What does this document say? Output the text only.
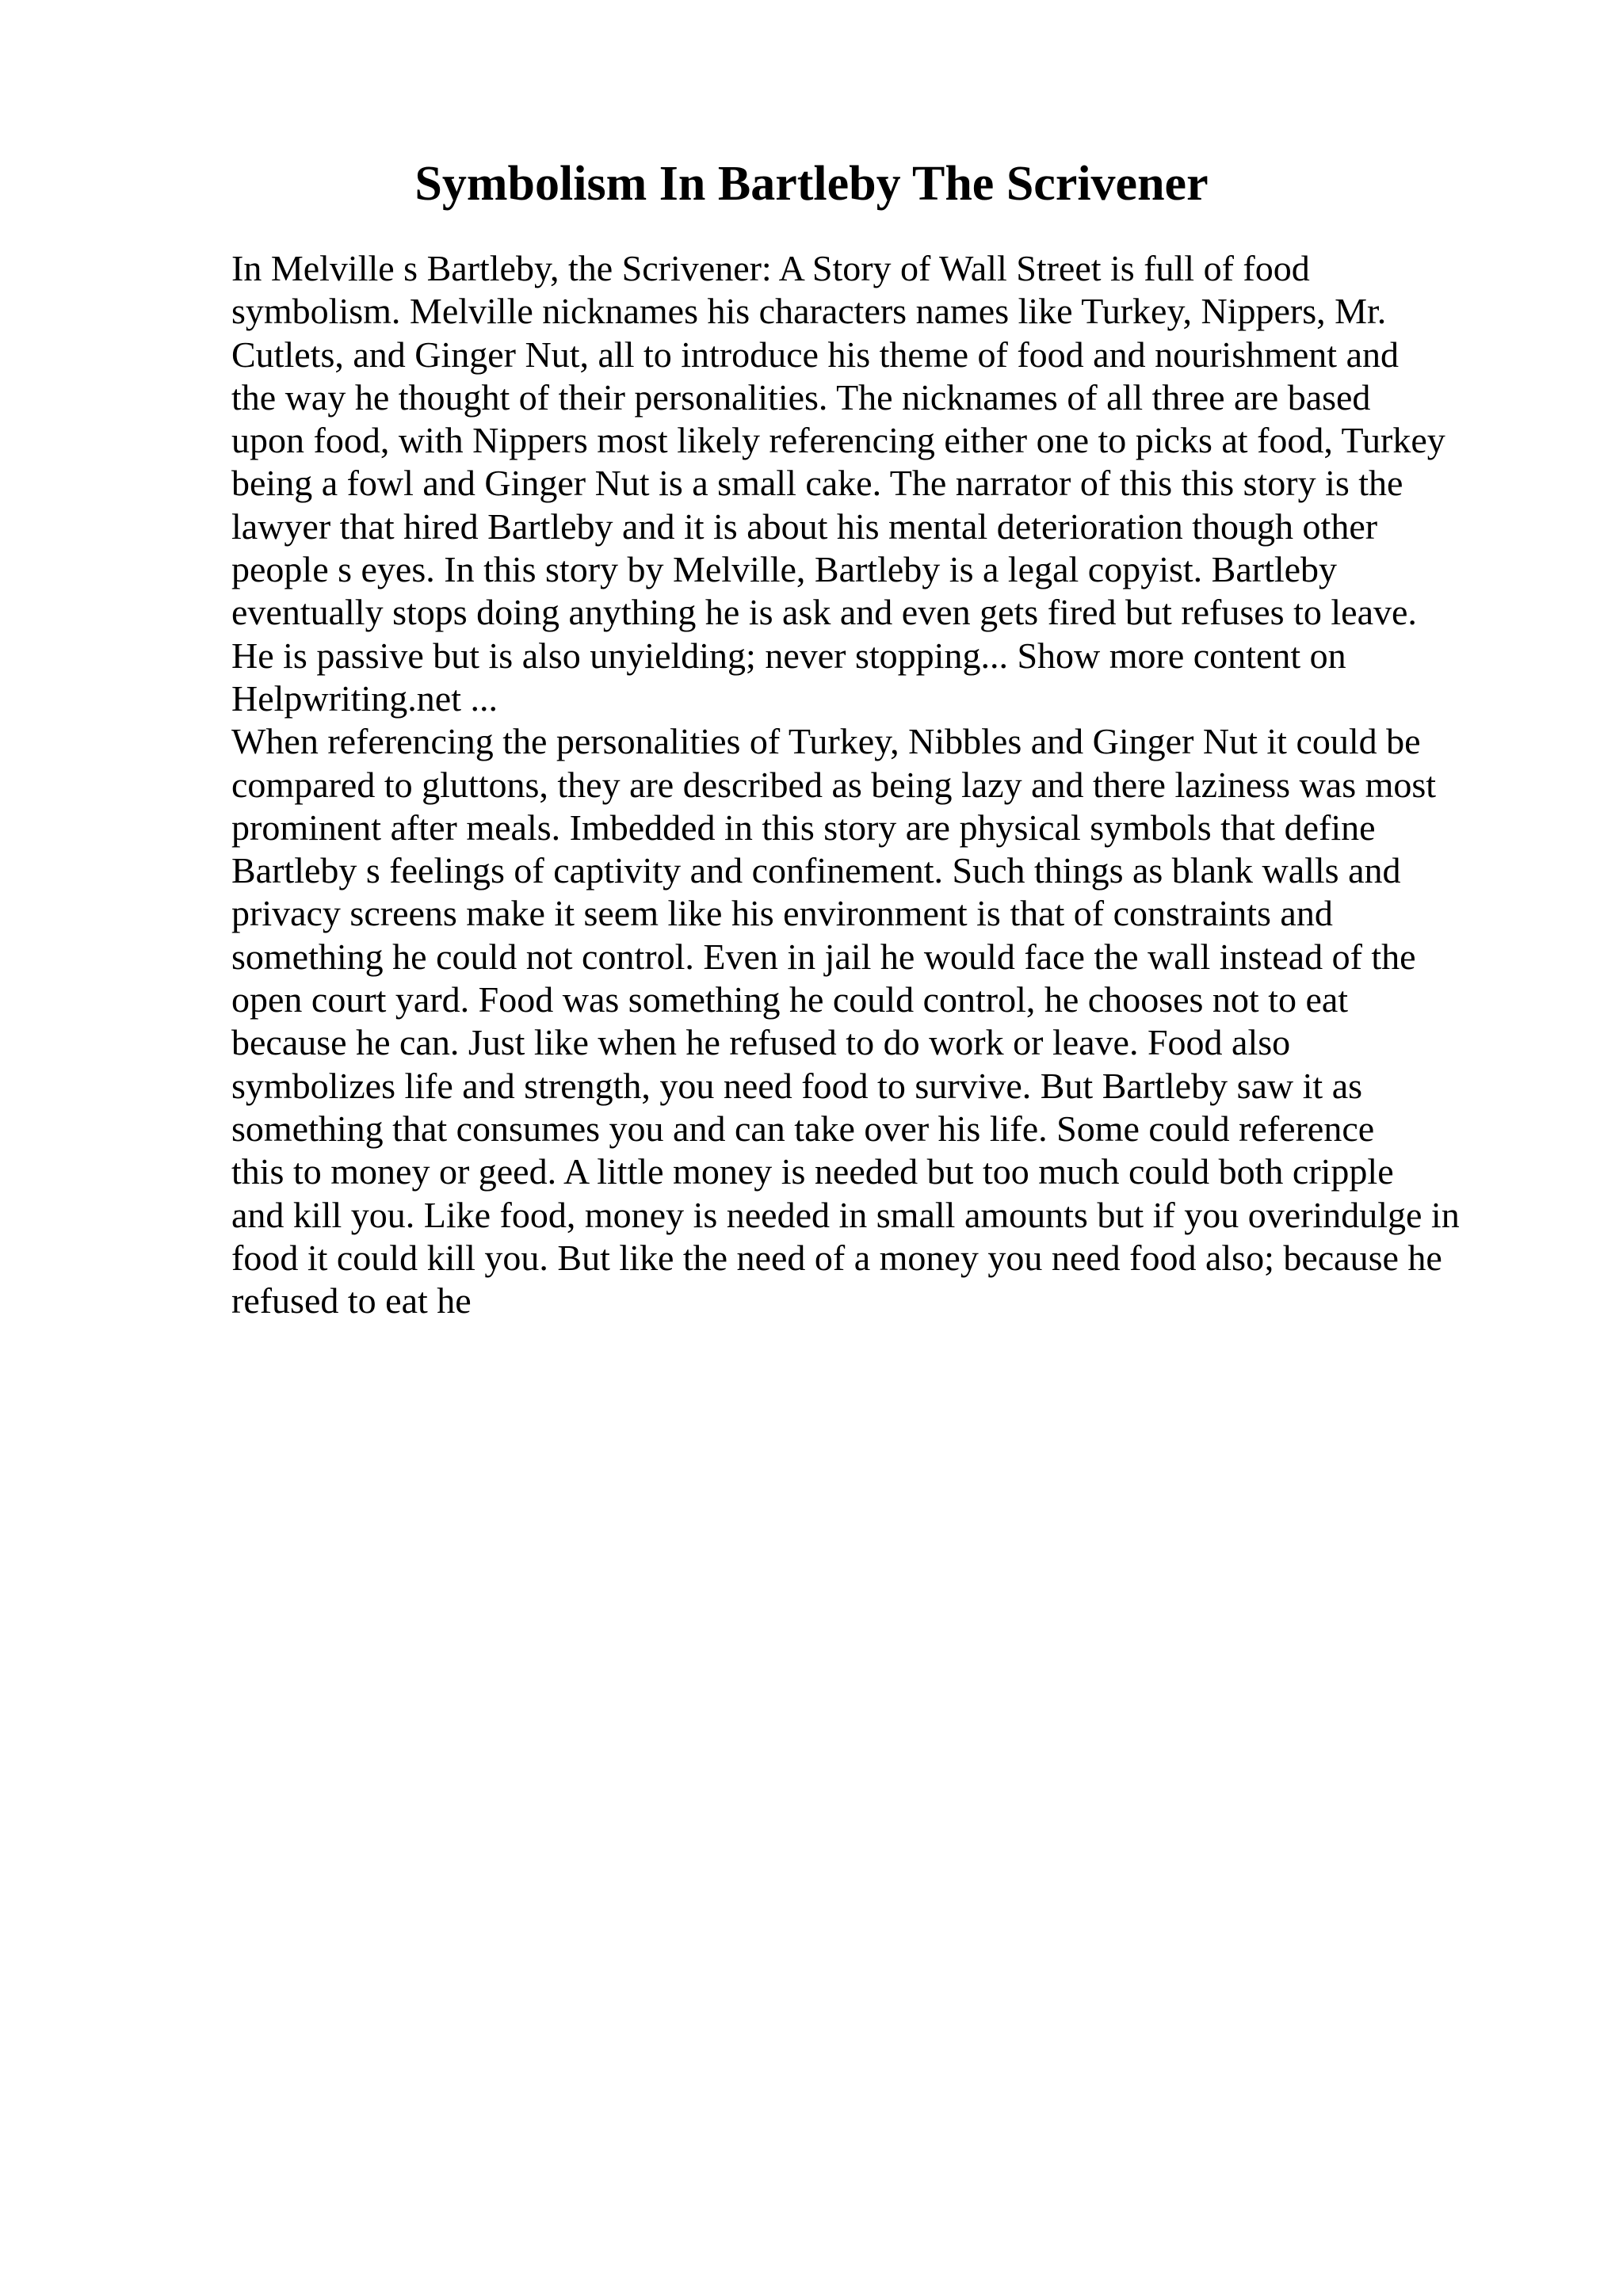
Symbolism In Bartleby The Scrivener
In Melville s Bartleby, the Scrivener: A Story of Wall Street is full of food
symbolism. Melville nicknames his characters names like Turkey, Nippers, Mr.
Cutlets, and Ginger Nut, all to introduce his theme of food and nourishment and
the way he thought of their personalities. The nicknames of all three are based
upon food, with Nippers most likely referencing either one to picks at food, Turkey
being a fowl and Ginger Nut is a small cake. The narrator of this this story is the
lawyer that hired Bartleby and it is about his mental deterioration though other
people s eyes. In this story by Melville, Bartleby is a legal copyist. Bartleby
eventually stops doing anything he is ask and even gets fired but refuses to leave.
He is passive but is also unyielding; never stopping... Show more content on
Helpwriting.net ...
When referencing the personalities of Turkey, Nibbles and Ginger Nut it could be
compared to gluttons, they are described as being lazy and there laziness was most
prominent after meals. Imbedded in this story are physical symbols that define
Bartleby s feelings of captivity and confinement. Such things as blank walls and
privacy screens make it seem like his environment is that of constraints and
something he could not control. Even in jail he would face the wall instead of the
open court yard. Food was something he could control, he chooses not to eat
because he can. Just like when he refused to do work or leave. Food also
symbolizes life and strength, you need food to survive. But Bartleby saw it as
something that consumes you and can take over his life. Some could reference
this to money or geed. A little money is needed but too much could both cripple
and kill you. Like food, money is needed in small amounts but if you overindulge in
food it could kill you. But like the need of a money you need food also; because he
refused to eat he
